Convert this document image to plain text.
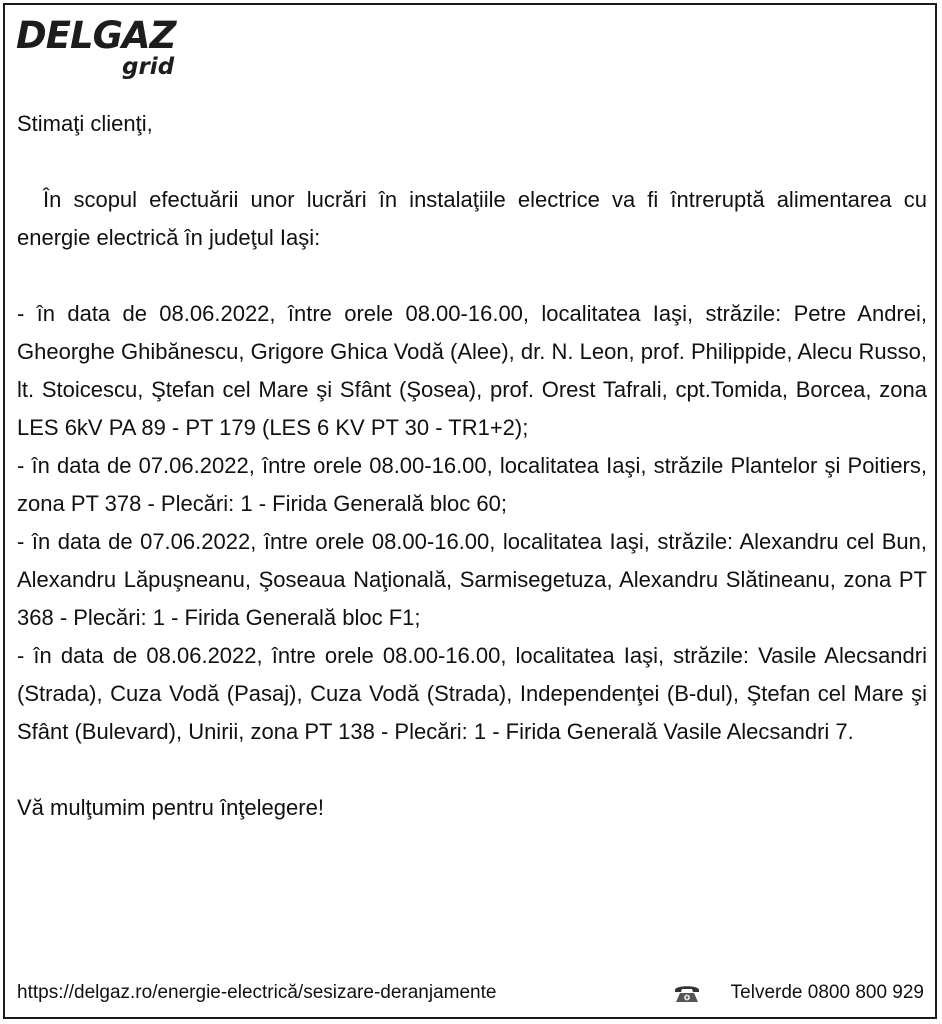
DELGAZ
grid

Stimaţi clienţi,

În scopul efectuării unor lucrări în instalaţiile electrice va fi întreruptă alimentarea cu energie electrică în judeţul Iaşi:

- în data de 08.06.2022, între orele 08.00-16.00, localitatea Iaşi, străzile: Petre Andrei, Gheorghe Ghibănescu, Grigore Ghica Vodă (Alee), dr. N. Leon, prof. Philippide, Alecu Russo, lt. Stoicescu, Ştefan cel Mare şi Sfânt (Şosea), prof. Orest Tafrali, cpt.Tomida, Borcea, zona LES 6kV PA 89 - PT 179 (LES 6 KV PT 30 - TR1+2);

- în data de 07.06.2022, între orele 08.00-16.00, localitatea Iaşi, străzile Plantelor şi Poitiers, zona PT 378 - Plecări: 1 - Firida Generală bloc 60;

- în data de 07.06.2022, între orele 08.00-16.00, localitatea Iaşi, străzile: Alexandru cel Bun, Alexandru Lăpuşneanu, Şoseaua Naţională, Sarmisegetuza, Alexandru Slătineanu, zona PT 368 - Plecări: 1 - Firida Generală bloc F1;

- în data de 08.06.2022, între orele 08.00-16.00, localitatea Iaşi, străzile: Vasile Alecsandri (Strada), Cuza Vodă (Pasaj), Cuza Vodă (Strada), Independenţei (B-dul), Ştefan cel Mare şi Sfânt (Bulevard), Unirii, zona PT 138 - Plecări: 1 - Firida Generală Vasile Alecsandri 7.

Vă mulţumim pentru înţelegere!

https://delgaz.ro/energie-electrică/sesizare-deranjamente	Telverde 0800 800 929
